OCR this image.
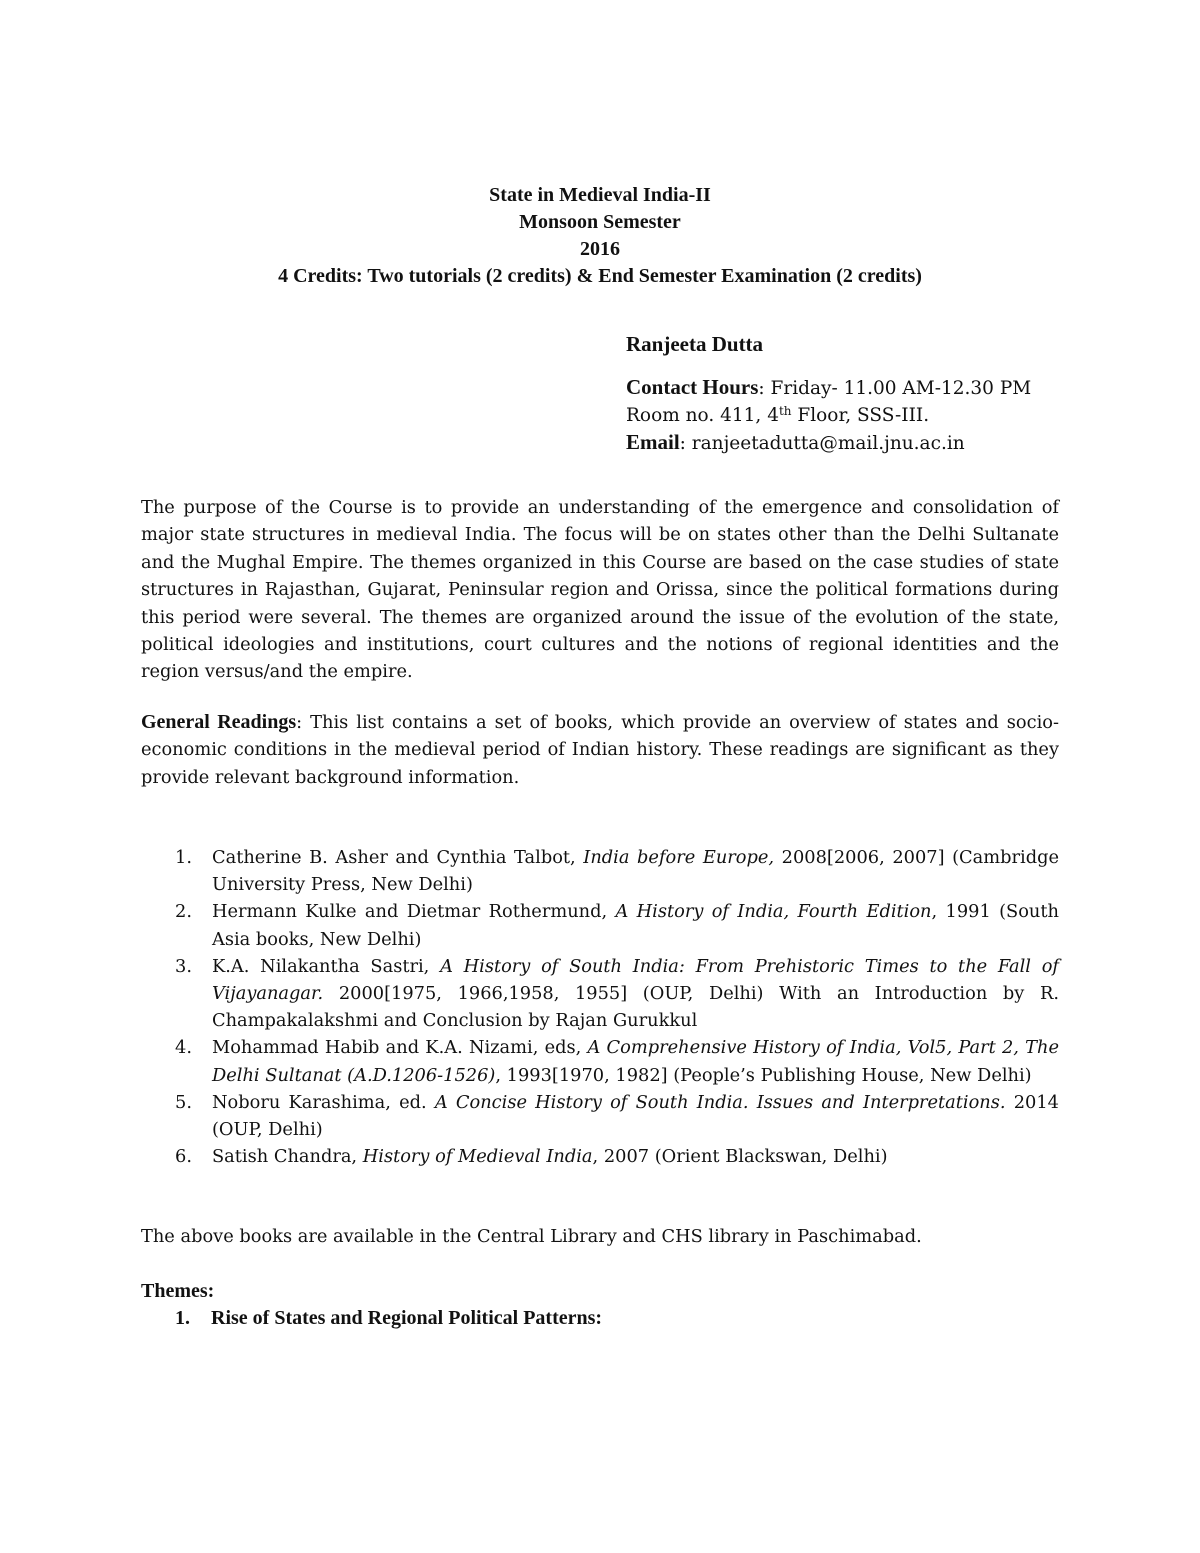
State in Medieval India-II
Monsoon Semester
2016
4 Credits: Two tutorials (2 credits) & End Semester Examination (2 credits)
Ranjeeta Dutta
Contact Hours: Friday- 11.00 AM-12.30 PM
Room no. 411, 4th Floor, SSS-III.
Email: ranjeetadutta@mail.jnu.ac.in
The purpose of the Course is to provide an understanding of the emergence and consolidation of major state structures in medieval India. The focus will be on states other than the Delhi Sultanate and the Mughal Empire. The themes organized in this Course are based on the case studies of state structures in Rajasthan, Gujarat, Peninsular region and Orissa, since the political formations during this period were several. The themes are organized around the issue of the evolution of the state, political ideologies and institutions, court cultures and the notions of regional identities and the region versus/and the empire.
General Readings: This list contains a set of books, which provide an overview of states and socio-economic conditions in the medieval period of Indian history. These readings are significant as they provide relevant background information.
1. Catherine B. Asher and Cynthia Talbot, India before Europe, 2008[2006, 2007] (Cambridge University Press, New Delhi)
2. Hermann Kulke and Dietmar Rothermund, A History of India, Fourth Edition, 1991 (South Asia books, New Delhi)
3. K.A. Nilakantha Sastri, A History of South India: From Prehistoric Times to the Fall of Vijayanagar. 2000[1975, 1966,1958, 1955] (OUP, Delhi) With an Introduction by R. Champakalakshmi and Conclusion by Rajan Gurukkul
4. Mohammad Habib and K.A. Nizami, eds, A Comprehensive History of India, Vol5, Part 2, The Delhi Sultanat (A.D.1206-1526), 1993[1970, 1982] (People’s Publishing House, New Delhi)
5. Noboru Karashima, ed. A Concise History of South India. Issues and Interpretations. 2014 (OUP, Delhi)
6. Satish Chandra, History of Medieval India, 2007 (Orient Blackswan, Delhi)
The above books are available in the Central Library and CHS library in Paschimabad.
Themes:
1. Rise of States and Regional Political Patterns:
